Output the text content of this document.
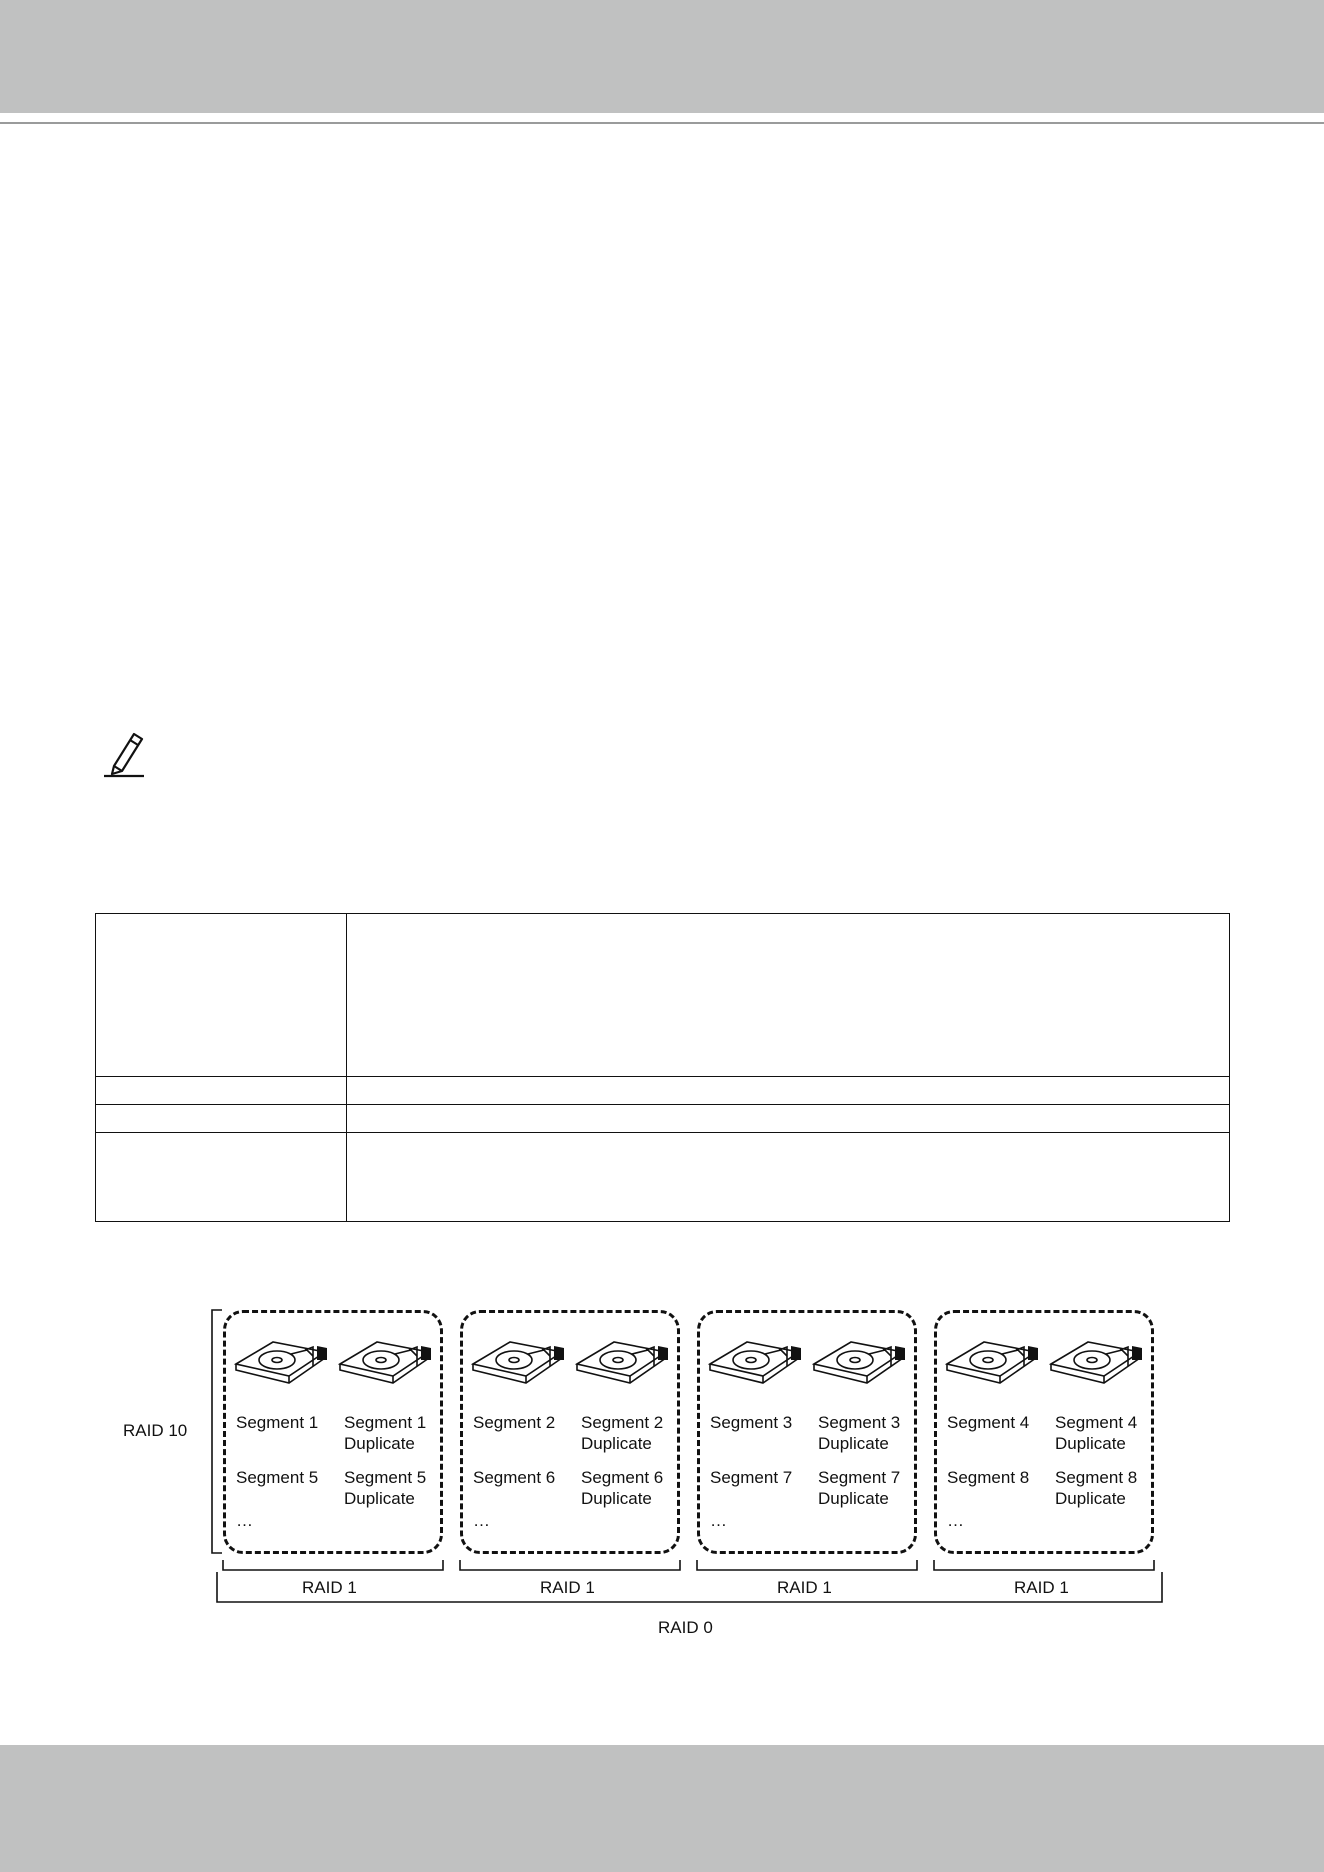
RAID 10
RAID 0
Segment 1 Segment 1
Duplicate
Segment 5 Segment 5
Duplicate
…
RAID 1
Segment 2 Segment 2
Duplicate
Segment 6 Segment 6
Duplicate
…
RAID 1
Segment 3 Segment 3
Duplicate
Segment 7 Segment 7
Duplicate
…
RAID 1
Segment 4 Segment 4
Duplicate
Segment 8 Segment 8
Duplicate
…
RAID 1
